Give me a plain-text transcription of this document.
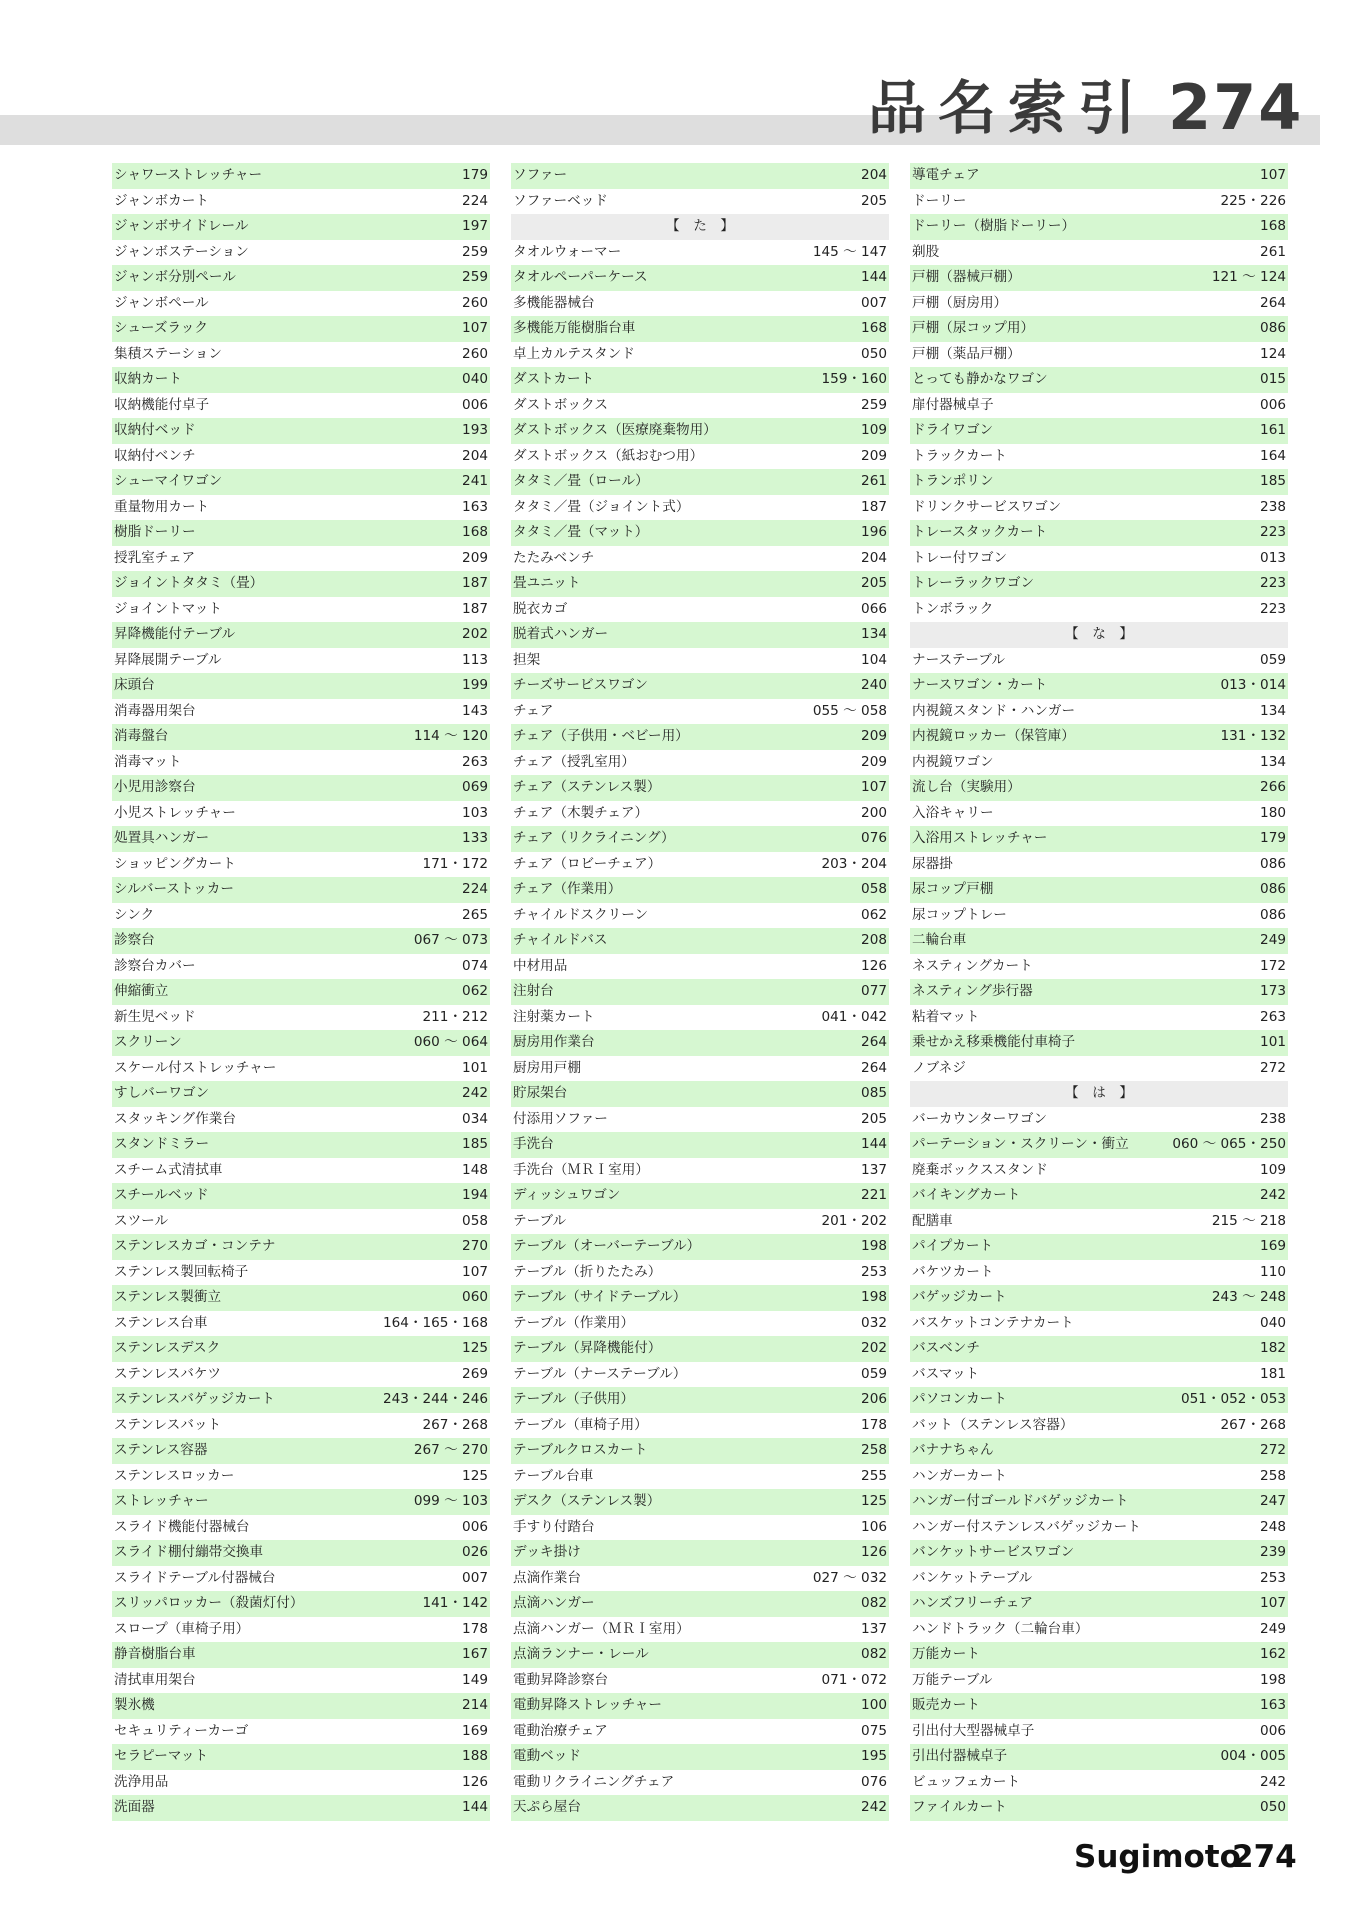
品名索引 274
シャワーストレッチャー	179
ジャンボカート	224
ジャンボサイドレール	197
ジャンボステーション	259
ジャンボ分別ペール	259
ジャンボペール	260
シューズラック	107
集積ステーション	260
収納カート	040
収納機能付卓子	006
収納付ベッド	193
収納付ベンチ	204
シューマイワゴン	241
重量物用カート	163
樹脂ドーリー	168
授乳室チェア	209
ジョイントタタミ（畳）	187
ジョイントマット	187
昇降機能付テーブル	202
昇降展開テーブル	113
床頭台	199
消毒器用架台	143
消毒盤台	114 ～ 120
消毒マット	263
小児用診察台	069
小児ストレッチャー	103
処置具ハンガー	133
ショッピングカート	171・172
シルバーストッカー	224
シンク	265
診察台	067 ～ 073
診察台カバー	074
伸縮衝立	062
新生児ベッド	211・212
スクリーン	060 ～ 064
スケール付ストレッチャー	101
すしバーワゴン	242
スタッキング作業台	034
スタンドミラー	185
スチーム式清拭車	148
スチールベッド	194
スツール	058
ステンレスカゴ・コンテナ	270
ステンレス製回転椅子	107
ステンレス製衝立	060
ステンレス台車	164・165・168
ステンレスデスク	125
ステンレスバケツ	269
ステンレスバゲッジカート	243・244・246
ステンレスバット	267・268
ステンレス容器	267 ～ 270
ステンレスロッカー	125
ストレッチャー	099 ～ 103
スライド機能付器械台	006
スライド棚付繃帯交換車	026
スライドテーブル付器械台	007
スリッパロッカー（殺菌灯付）	141・142
スロープ（車椅子用）	178
静音樹脂台車	167
清拭車用架台	149
製氷機	214
セキュリティーカーゴ	169
セラピーマット	188
洗浄用品	126
洗面器	144
ソファー	204
ソファーベッド	205
【　た　】
タオルウォーマー	145 ～ 147
タオルペーパーケース	144
多機能器械台	007
多機能万能樹脂台車	168
卓上カルテスタンド	050
ダストカート	159・160
ダストボックス	259
ダストボックス（医療廃棄物用）	109
ダストボックス（紙おむつ用）	209
タタミ／畳（ロール）	261
タタミ／畳（ジョイント式）	187
タタミ／畳（マット）	196
たたみベンチ	204
畳ユニット	205
脱衣カゴ	066
脱着式ハンガー	134
担架	104
チーズサービスワゴン	240
チェア	055 ～ 058
チェア（子供用・ベビー用）	209
チェア（授乳室用）	209
チェア（ステンレス製）	107
チェア（木製チェア）	200
チェア（リクライニング）	076
チェア（ロビーチェア）	203・204
チェア（作業用）	058
チャイルドスクリーン	062
チャイルドバス	208
中材用品	126
注射台	077
注射薬カート	041・042
厨房用作業台	264
厨房用戸棚	264
貯尿架台	085
付添用ソファー	205
手洗台	144
手洗台（ＭＲＩ室用）	137
ディッシュワゴン	221
テーブル	201・202
テーブル（オーバーテーブル）	198
テーブル（折りたたみ）	253
テーブル（サイドテーブル）	198
テーブル（作業用）	032
テーブル（昇降機能付）	202
テーブル（ナーステーブル）	059
テーブル（子供用）	206
テーブル（車椅子用）	178
テーブルクロスカート	258
テーブル台車	255
デスク（ステンレス製）	125
手すり付踏台	106
デッキ掛け	126
点滴作業台	027 ～ 032
点滴ハンガー	082
点滴ハンガー（ＭＲＩ室用）	137
点滴ランナー・レール	082
電動昇降診察台	071・072
電動昇降ストレッチャー	100
電動治療チェア	075
電動ベッド	195
電動リクライニングチェア	076
天ぷら屋台	242
導電チェア	107
ドーリー	225・226
ドーリー（樹脂ドーリー）	168
剃股	261
戸棚（器械戸棚）	121 ～ 124
戸棚（厨房用）	264
戸棚（尿コップ用）	086
戸棚（薬品戸棚）	124
とっても静かなワゴン	015
扉付器械卓子	006
ドライワゴン	161
トラックカート	164
トランポリン	185
ドリンクサービスワゴン	238
トレースタックカート	223
トレー付ワゴン	013
トレーラックワゴン	223
トンボラック	223
【　な　】
ナーステーブル	059
ナースワゴン・カート	013・014
内視鏡スタンド・ハンガー	134
内視鏡ロッカー（保管庫）	131・132
内視鏡ワゴン	134
流し台（実験用）	266
入浴キャリー	180
入浴用ストレッチャー	179
尿器掛	086
尿コップ戸棚	086
尿コップトレー	086
二輪台車	249
ネスティングカート	172
ネスティング歩行器	173
粘着マット	263
乗せかえ移乗機能付車椅子	101
ノブネジ	272
【　は　】
バーカウンターワゴン	238
パーテーション・スクリーン・衝立	060 ～ 065・250
廃棄ボックススタンド	109
バイキングカート	242
配膳車	215 ～ 218
パイプカート	169
バケツカート	110
バゲッジカート	243 ～ 248
バスケットコンテナカート	040
バスベンチ	182
バスマット	181
パソコンカート	051・052・053
バット（ステンレス容器）	267・268
バナナちゃん	272
ハンガーカート	258
ハンガー付ゴールドバゲッジカート	247
ハンガー付ステンレスバゲッジカート	248
バンケットサービスワゴン	239
バンケットテーブル	253
ハンズフリーチェア	107
ハンドトラック（二輪台車）	249
万能カート	162
万能テーブル	198
販売カート	163
引出付大型器械卓子	006
引出付器械卓子	004・005
ビュッフェカート	242
ファイルカート	050
Sugimoto
274
